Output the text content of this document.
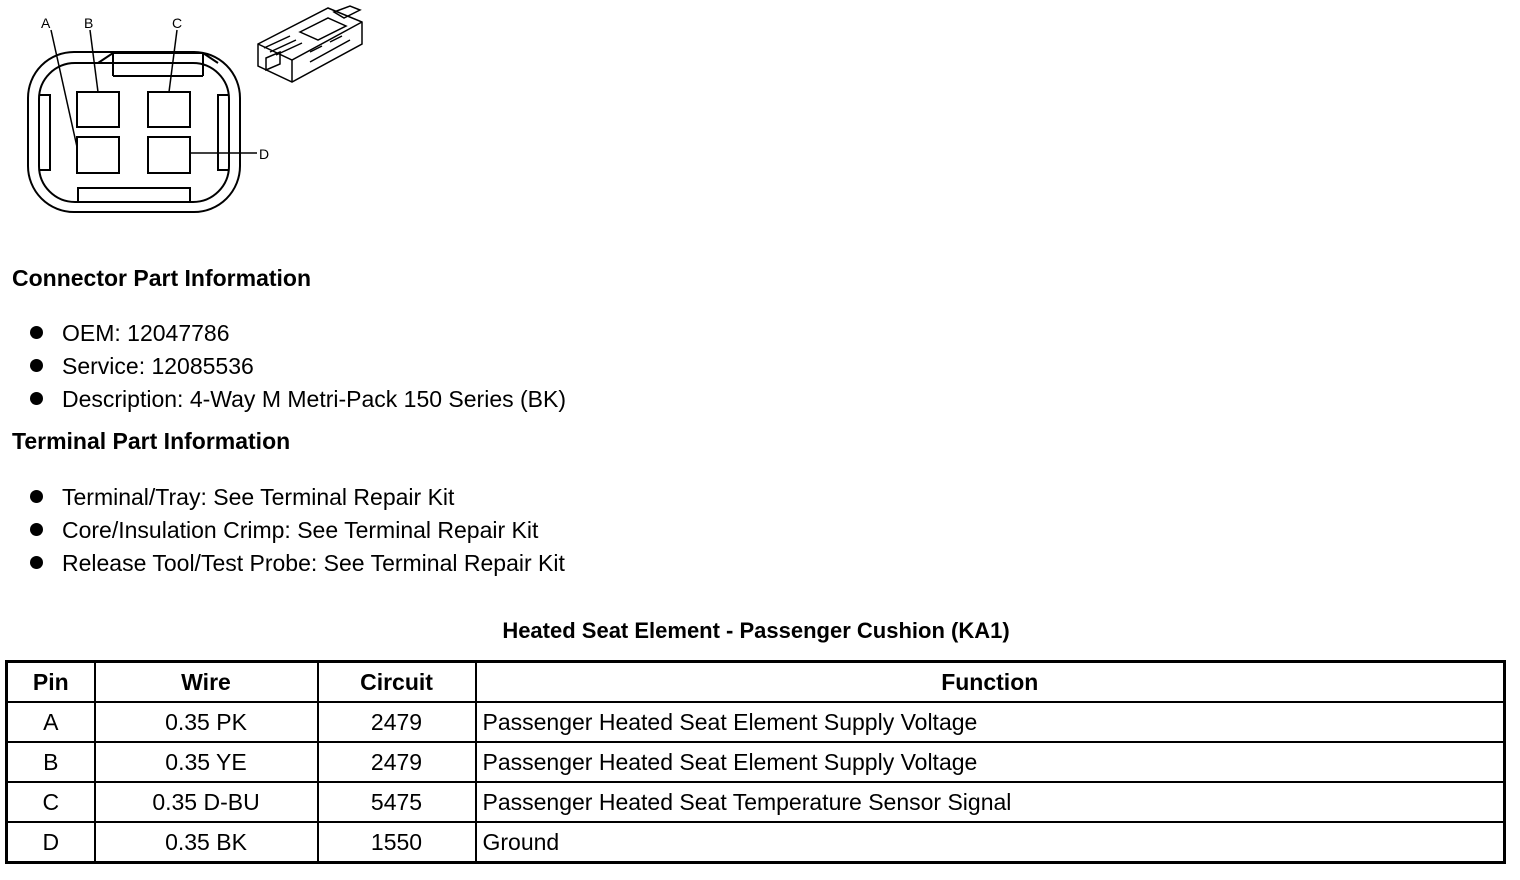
A B	C
D
Connector Part Information
OEM: 12047786
Service: 12085536
Description: 4-Way M Metri-Pack 150 Series (BK)
Terminal Part Information
Terminal/Tray: See Terminal Repair Kit
Core/Insulation Crimp: See Terminal Repair Kit
Release Tool/Test Probe: See Terminal Repair Kit
Heated Seat Element - Passenger Cushion (KA1)
Pin	Wire	Circuit	Function
A	0.35 PK	2479	Passenger Heated Seat Element Supply Voltage
B	0.35 YE	2479	Passenger Heated Seat Element Supply Voltage
C	0.35 D-BU	5475	Passenger Heated Seat Temperature Sensor Signal
D	0.35 BK	1550	Ground
